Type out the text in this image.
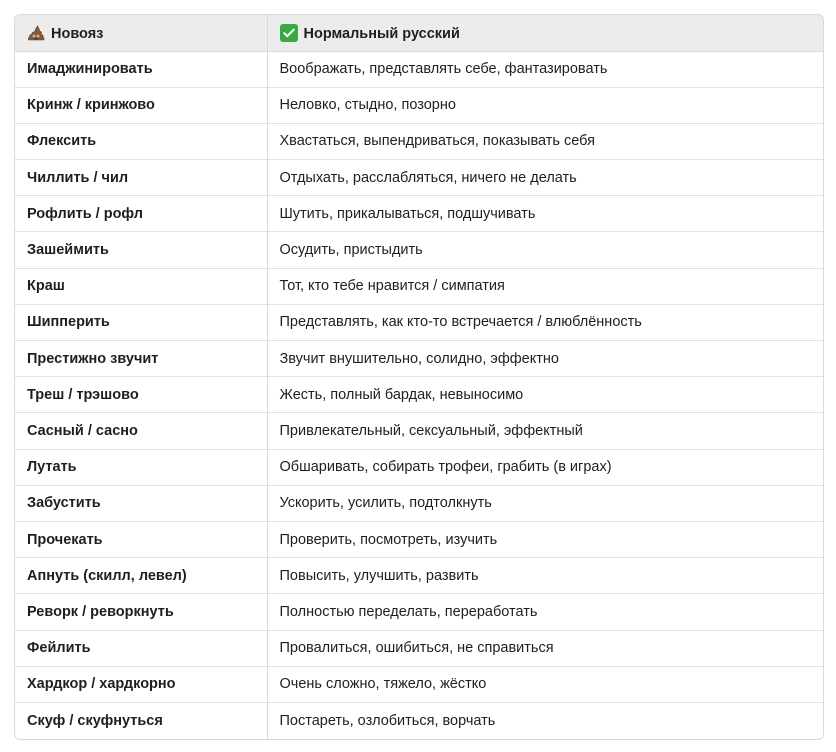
Новояз	Нормальный русский
Имаджинировать	Воображать, представлять себе, фантазировать
Кринж / кринжово	Неловко, стыдно, позорно
Флексить	Хвастаться, выпендриваться, показывать себя
Чиллить / чил	Отдыхать, расслабляться, ничего не делать
Рофлить / рофл	Шутить, прикалываться, подшучивать
Зашеймить	Осудить, пристыдить
Краш	Тот, кто тебе нравится / симпатия
Шипперить	Представлять, как кто-то встречается / влюблённость
Престижно звучит	Звучит внушительно, солидно, эффектно
Треш / трэшово	Жесть, полный бардак, невыносимо
Сасный / сасно	Привлекательный, сексуальный, эффектный
Лутать	Обшаривать, собирать трофеи, грабить (в играх)
Забустить	Ускорить, усилить, подтолкнуть
Прочекать	Проверить, посмотреть, изучить
Апнуть (скилл, левел)	Повысить, улучшить, развить
Реворк / реворкнуть	Полностью переделать, переработать
Фейлить	Провалиться, ошибиться, не справиться
Хардкор / хардкорно	Очень сложно, тяжело, жёстко
Скуф / скуфнуться	Постареть, озлобиться, ворчать
